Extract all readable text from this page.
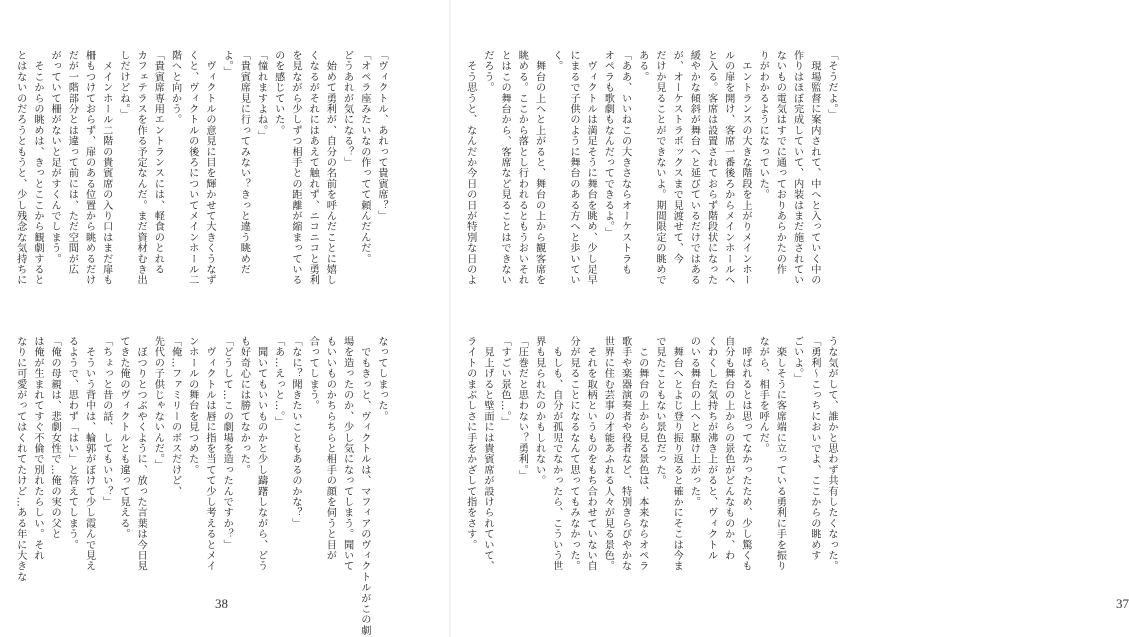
「ヴィクトル、あれって貴賓席？」
「オペラ座みたいなの作ってて頼んだんだ。
どうあれが気になる？」
　始めて勇利が、自分の名前を呼んだことに嬉し
くなるがそれにはあえて触れず、ニコニコと勇利
を見ながら少しずつ相手との距離が縮まっている
のを感じていた。
「憧れますよね。」
「貴賓席見に行ってみない？きっと違う眺めだ
よ。」
　ヴィクトルの意見に目を輝かせて大きくうなず
くと、ヴィクトルの後ろについてメインホール二
階へと向かう。
「貴賓席専用エントランスには、軽食のとれる
カフェテラスを作る予定なんだ。まだ資材むき出
しだけどね。」
　メインホール二階の貴賓席の入り口はまだ扉も
柵もつけておらず、扉のある位置から眺めるだけ
だが一階部分とは違って前には、ただ空間が広
がっていて柵がないと足がすくんでしまう。
　そこからの眺めは、きっとここから観劇すると
とはないのだろうともうと、少し残念な気持ちに
なってしまった。
　でもきっと、ヴィクトルは、マフィアのヴィクトルがこの劇
場を造ったのか、少し気になってしまう。聞いて
もいいものかちらちらと相手の顔を伺うと目が
合ってしまう。
「なに？聞きたいこともあるのかな？」
「あ…えっと…。」
　聞いてもいいものかと少し躊躇しながら、どう
も好奇心には勝てなかった。
「どうして…この劇場を造ったんですか？」
　ヴィクトルは唇に指を当てて少し考えるとメイ
ンホールの舞台を見つめた。
「俺…ファミリーのボスだけど、
先代の子供じゃないんだ。」
　ぼつりとつぶやくように、放った言葉は今日見
てきた俺のヴィクトルとも違って見える。
「ちょっと昔の話、してもいい？」
　そういう背中は、輪郭がぼけて少し霞んで見え
るようで、思わず「はい」と答えてしまう。
「俺の母親は、悲劇女性で…俺の実の父と
は俺が生まれてすぐ不倫で別れたらしい。それ
なりに可愛がってはくれてたけど…ある年に大きな
38
「そうだよ。」
　現場監督に案内されて、中へと入っていく中の
作りはほぼ完成していて、内装はまだ施されてい
ないもの電気はすでに通っておりあらかたの作
りがわかるようになっていた。
　エントランスの大きな階段を上がりメインホー
ルの扉を開け、客席一番後ろからメインホールへ
と入る。客席は設置されておらず階段状になった
緩やかな傾斜が舞台へと延びているだけではある
が、オーケストラボックスまで見渡せて、今
だけか見ることができないよ。期間限定の眺めで
ある。
「ああ、いいねこの大きさならオーケストラも
オペラも歌劇もなんだってできるよ。」
　ヴィクトルは満足そうに舞台を眺め、少し足早
にまるで子供のように舞台のある方へと歩いてい
く。
　舞台の上へと上がると、舞台の上から観客席を
眺める。ここから落とし行われるともうおいそれ
とはこの舞台から、客席など見ることはできない
だろう。
　そう思うと、なんだか今日の日が特別な日のよ
うな気がして、誰かと思わず共有したくなった。
「勇利〜こっちにおいでよ、ここからの眺めす
ごいよ。」
　楽しそうに客席端に立っている勇利に手を振り
ながら、相手を呼んだ。
　呼ばれるとは思ってなかったため、少し驚くも
自分も舞台の上からの景色がどんなものか、わ
くわくした気持ちが沸き上がると、ヴィクトル
のいる舞台の上へと駆け上がった。
　舞台へとよじ登り振り返ると確かにそこは今ま
で見たこともない景色だった。
　この舞台の上から見る景色は、本来ならオペラ
歌手や楽器演奏者や役者など、特別きらびやかな
世界に住む芸事の才能あふれる人々が見る景色。
　それを取柄というものをもち合わせていない自
分が見ることになるなんて思ってもみなかった。
　もしも、自分が孤児でなかったら、こういう世
界も見られたのかもしれない。
「圧巻だと思わない？勇利。」
「すごい景色…。」
　見上げると壁面には貴賓席が設けられていて、
ライトのまぶしさに手をかざして指をさす。
37
